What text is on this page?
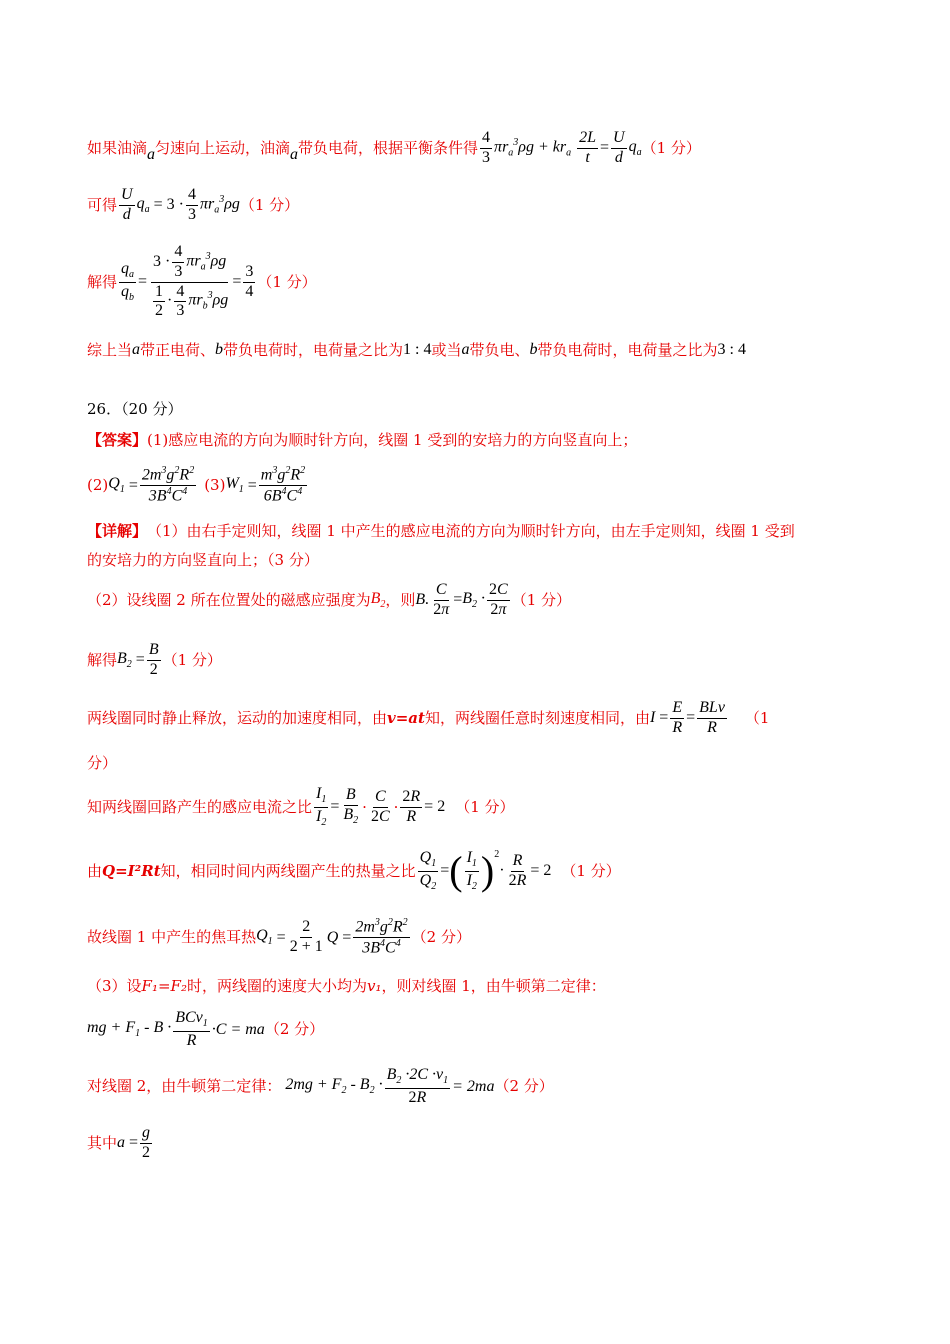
如果油滴 a 匀速向上运动，油滴 a 带负电荷，根据平衡条件得 $\frac{4}{3} \pi r_a^3\rho g + kr_a \frac{2L}{t} = \frac{U}{d} q_a$ （1 分）
可得 $\frac{U}{d} q_a = 3 \cdot \frac{4}{3} \pi r_a^3\rho g$ （1 分）
解得 $\frac{q_a}{q_b} = \frac{3 \cdot \frac{4}{3} \pi r_a^3\rho g}{\frac{1}{2} \cdot \frac{4}{3} \pi r_b^3\rho g} = \frac{3}{4} (1$ 分）
综上当 a 带正电荷、 b 带负电荷时，电荷量之比为 1 : 4 或当 a 带负电、 b 带负电荷时，电荷量之比为 3 : 4
26．（20 分）
【答案】 (1)感应电流的方向为顺时针方向，线圈 1 受到的安培力的方向竖直向上；
(2) $Q_1 = \frac{2m^3g^2R^2}{3B^4C^4} (3) W_1 = \frac{m^3g^2R^2}{6B^4C^4}$
【详解】 （1）由右手定则知，线圈 1 中产生的感应电流的方向为顺时针方向，由左手定则知，线圈 1 受到
的安培力的方向竖直向上；（3 分）
（2）设线圈 2 所在位置处的磁感应强度为 $B_2$ ，则 B. $\frac{C}{2\pi} = B_2 \cdot \frac{2C}{2\pi} (1$ 分）
解得 $B_2 = \frac{B}{2} (1$ 分）
两线圈同时静止释放，运动的加速度相同，由 v=at 知，两线圈任意时刻速度相同，由 $I = \frac{E}{R} = \frac{\text{BLv}}{R} (1$
分）
知两线圈回路产生的感应电流之比 $\frac{I_1}{I_2} = \frac{B}{B_2} \cdot \frac{C}{2C} \cdot \frac{2R}{R} = 2$ （1 分）
由 Q=I²Rt 知，相同时间内两线圈产生的热量之比 $\frac{Q_1}{Q_2}$ = ( $\frac{I_1}{I_2}$ ) 2
· $\frac{R}{2R} = 2$ （1 分）
故线圈 1 中产生的焦耳热 $Q_1 = \frac{2}{2 + 1}$ $Q = \frac{2m^3g^2R^2}{3B^4C^4} (2$ 分）
（3）设 F₁=F₂ 时，两线圈的速度大小均为 v₁ ，则对线圈 1，由牛顿第二定律：
mg + $F_1 - B \cdot \frac{BCv_1}{R} \cdot C$ = ma （2 分）
对线圈 2，由牛顿第二定律： $2mg + F_2 - B_2 \cdot \frac{B_2 \cdot 2C \cdot v_1}{2R} = 2ma$ （2 分）
其中 $a = \frac{g}{2}$
